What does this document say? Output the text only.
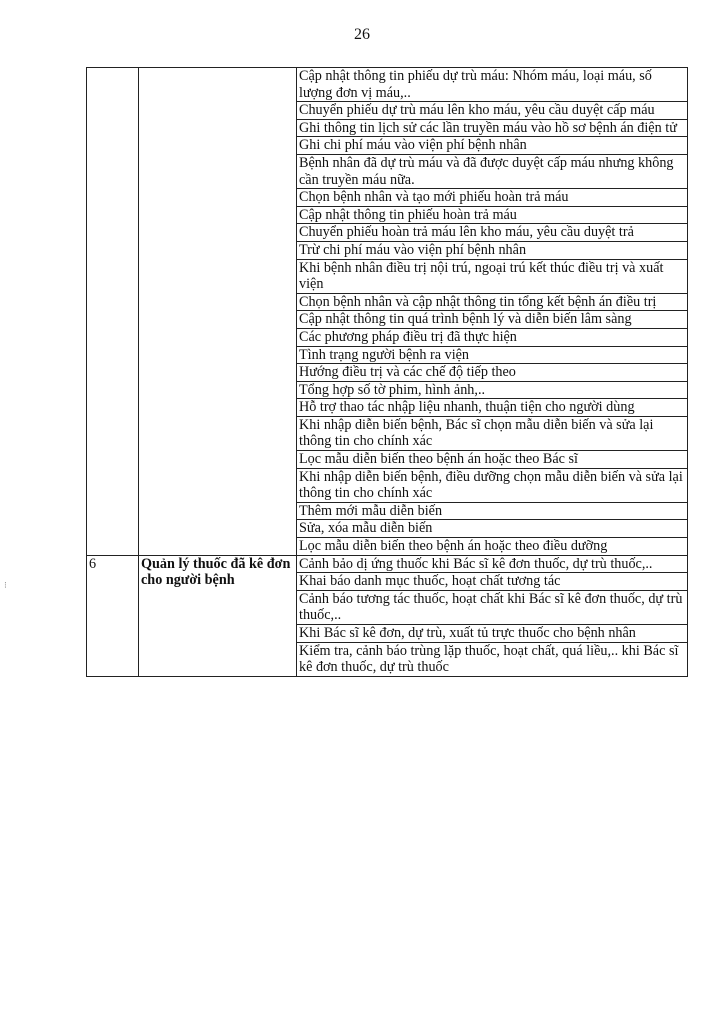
26
		Cập nhật thông tin phiếu dự trù máu: Nhóm máu, loại máu, số lượng đơn vị máu,..
		Chuyển phiếu dự trù máu lên kho máu, yêu cầu duyệt cấp máu
		Ghi thông tin lịch sử các lần truyền máu vào hồ sơ bệnh án điện tử
		Ghi chi phí máu vào viện phí bệnh nhân
		Bệnh nhân đã dự trù máu và đã được duyệt cấp máu nhưng không cần truyền máu nữa.
		Chọn bệnh nhân và tạo mới phiếu hoàn trả máu
		Cập nhật thông tin phiếu hoàn trả máu
		Chuyển phiếu hoàn trả máu lên kho máu, yêu cầu duyệt trả
		Trừ chi phí máu vào viện phí bệnh nhân
		Khi bệnh nhân điều trị nội trú, ngoại trú kết thúc điều trị và xuất viện
		Chọn bệnh nhân và cập nhật thông tin tổng kết bệnh án điều trị
		Cập nhật thông tin quá trình bệnh lý và diễn biến lâm sàng
		Các phương pháp điều trị đã thực hiện
		Tình trạng người bệnh ra viện
		Hướng điều trị và các chế độ tiếp theo
		Tổng hợp số tờ phim, hình ảnh,..
		Hỗ trợ thao tác nhập liệu nhanh, thuận tiện cho người dùng
		Khi nhập diễn biến bệnh, Bác sĩ chọn mẫu diễn biến và sửa lại thông tin cho chính xác
		Lọc mẫu diễn biến theo bệnh án hoặc theo Bác sĩ
		Khi nhập diễn biến bệnh, điều dưỡng chọn mẫu diễn biến và sửa lại thông tin cho chính xác
		Thêm mới mẫu diễn biến
		Sửa, xóa mẫu diễn biến
		Lọc mẫu diễn biến theo bệnh án hoặc theo điều dưỡng
6	Quản lý thuốc đã kê đơn cho người bệnh	Cảnh bảo dị ứng thuốc khi Bác sĩ kê đơn thuốc, dự trù thuốc,..
		Khai báo danh mục thuốc, hoạt chất tương tác
		Cảnh báo tương tác thuốc, hoạt chất khi Bác sĩ kê đơn thuốc, dự trù thuốc,..
		Khi Bác sĩ kê đơn, dự trù, xuất tủ trực thuốc cho bệnh nhân
		Kiểm tra, cảnh báo trùng lặp thuốc, hoạt chất, quá liều,.. khi Bác sĩ kê đơn thuốc, dự trù thuốc
⁝
